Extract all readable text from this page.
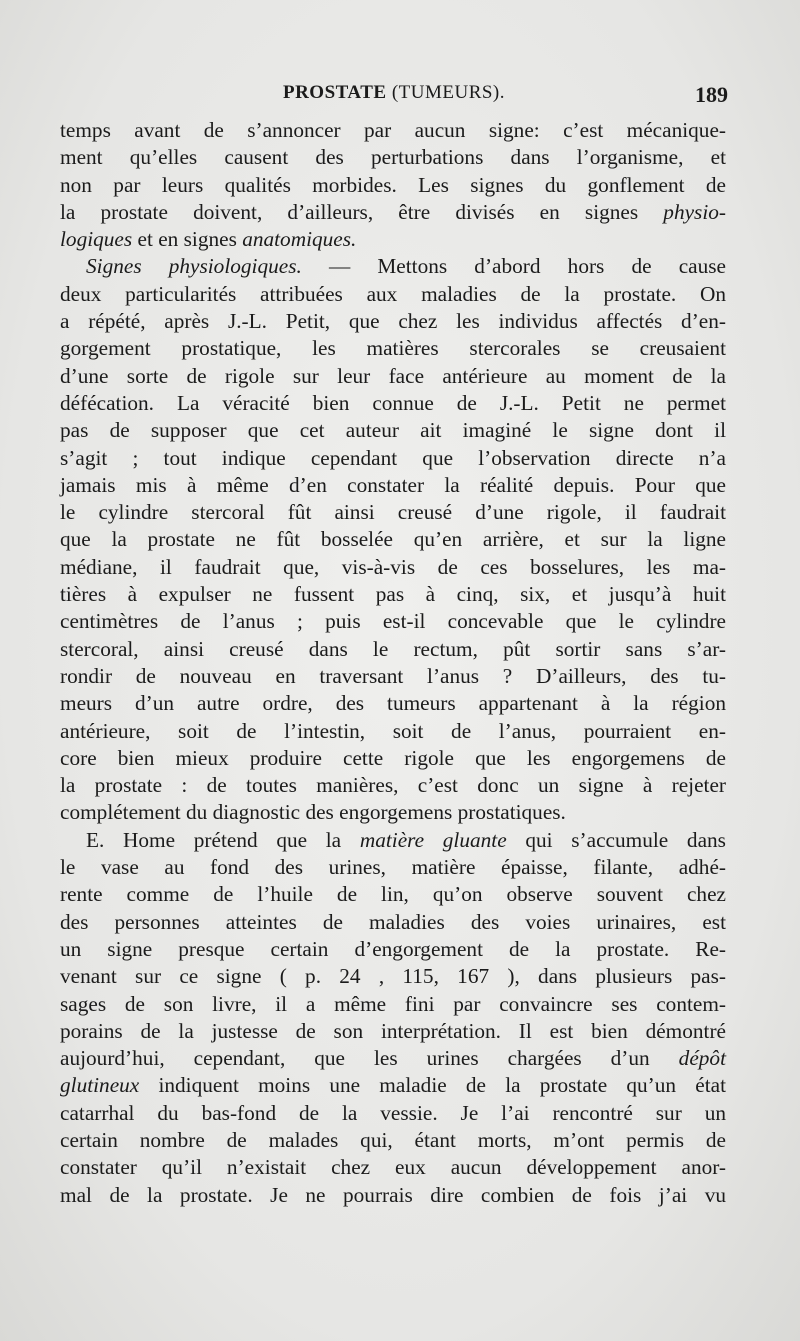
PROSTATE (TUMEURS).	189
temps avant de s’annoncer par aucun signe: c’est mécanique-
ment qu’elles causent des perturbations dans l’organisme, et
non par leurs qualités morbides. Les signes du gonflement de
la prostate doivent, d’ailleurs, être divisés en signes physio-
logiques et en signes anatomiques.
Signes physiologiques. — Mettons d’abord hors de cause
deux particularités attribuées aux maladies de la prostate. On
a répété, après J.-L. Petit, que chez les individus affectés d’en-
gorgement prostatique, les matières stercorales se creusaient
d’une sorte de rigole sur leur face antérieure au moment de la
défécation. La véracité bien connue de J.-L. Petit ne permet
pas de supposer que cet auteur ait imaginé le signe dont il
s’agit ; tout indique cependant que l’observation directe n’a
jamais mis à même d’en constater la réalité depuis. Pour que
le cylindre stercoral fût ainsi creusé d’une rigole, il faudrait
que la prostate ne fût bosselée qu’en arrière, et sur la ligne
médiane, il faudrait que, vis-à-vis de ces bosselures, les ma-
tières à expulser ne fussent pas à cinq, six, et jusqu’à huit
centimètres de l’anus ; puis est-il concevable que le cylindre
stercoral, ainsi creusé dans le rectum, pût sortir sans s’ar-
rondir de nouveau en traversant l’anus ? D’ailleurs, des tu-
meurs d’un autre ordre, des tumeurs appartenant à la région
antérieure, soit de l’intestin, soit de l’anus, pourraient en-
core bien mieux produire cette rigole que les engorgemens de
la prostate : de toutes manières, c’est donc un signe à rejeter
complétement du diagnostic des engorgemens prostatiques.
E. Home prétend que la matière gluante qui s’accumule dans
le vase au fond des urines, matière épaisse, filante, adhé-
rente comme de l’huile de lin, qu’on observe souvent chez
des personnes atteintes de maladies des voies urinaires, est
un signe presque certain d’engorgement de la prostate. Re-
venant sur ce signe ( p. 24 , 115, 167 ), dans plusieurs pas-
sages de son livre, il a même fini par convaincre ses contem-
porains de la justesse de son interprétation. Il est bien démontré
aujourd’hui, cependant, que les urines chargées d’un dépôt
glutineux indiquent moins une maladie de la prostate qu’un état
catarrhal du bas-fond de la vessie. Je l’ai rencontré sur un
certain nombre de malades qui, étant morts, m’ont permis de
constater qu’il n’existait chez eux aucun développement anor-
mal de la prostate. Je ne pourrais dire combien de fois j’ai vu
